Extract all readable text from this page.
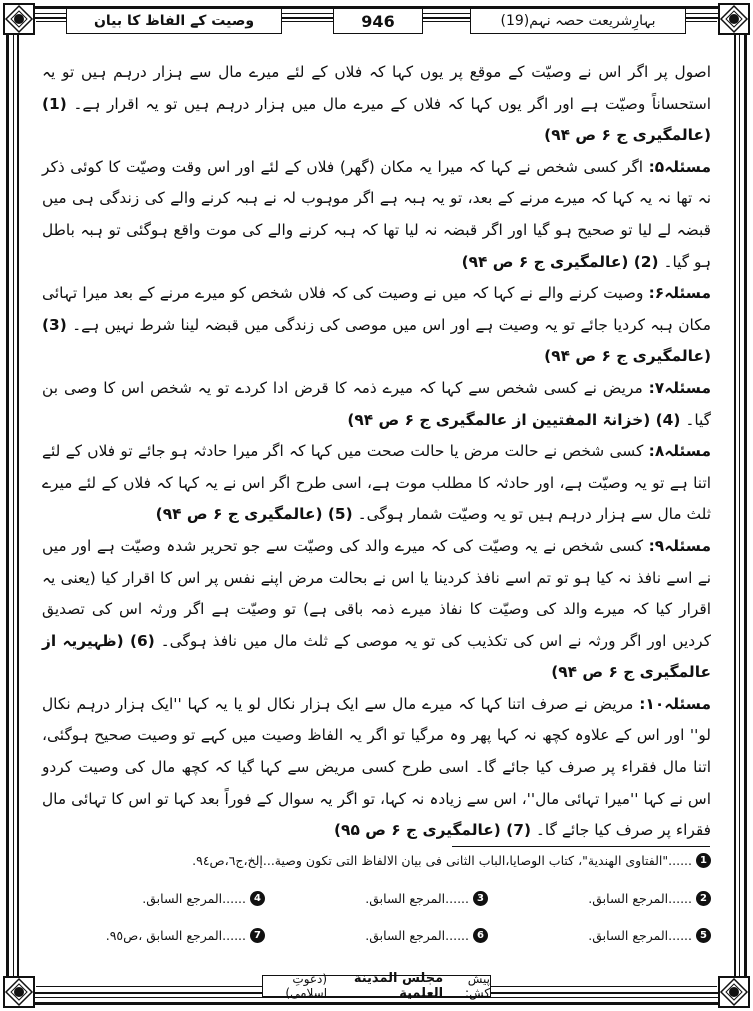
بہارِشریعت حصہ نہم(19)
946
وصیت کے الفاظ کا بیان

اصول پر اگر اس نے وصیّت کے موقع پر یوں کہا کہ فلاں کے لئے میرے مال سے ہزار درہم ہیں تو یہ استحساناً وصیّت ہے اور اگر یوں کہا کہ فلاں کے میرے مال میں ہزار درہم ہیں تو یہ اقرار ہے۔ (1) (عالمگیری ج ۶ ص ۹۴)

مسئلہ۵: اگر کسی شخص نے کہا کہ میرا یہ مکان (گھر) فلاں کے لئے اور اس وقت وصیّت کا کوئی ذکر نہ تھا نہ یہ کہا کہ میرے مرنے کے بعد، تو یہ ہبہ ہے اگر موہوب لہ نے ہبہ کرنے والے کی زندگی ہی میں قبضہ لے لیا تو صحیح ہو گیا اور اگر قبضہ نہ لیا تھا کہ ہبہ کرنے والے کی موت واقع ہوگئی تو ہبہ باطل ہو گیا۔ (2) (عالمگیری ج ۶ ص ۹۴)

مسئلہ۶: وصیت کرنے والے نے کہا کہ میں نے وصیت کی کہ فلاں شخص کو میرے مرنے کے بعد میرا تہائی مکان ہبہ کردیا جائے تو یہ وصیت ہے اور اس میں موصی کی زندگی میں قبضہ لینا شرط نہیں ہے۔ (3) (عالمگیری ج ۶ ص ۹۴)

مسئلہ۷: مریض نے کسی شخص سے کہا کہ میرے ذمہ کا قرض ادا کردے تو یہ شخص اس کا وصی بن گیا۔ (4) (خزانۃ المفتیین از عالمگیری ج ۶ ص ۹۴)

مسئلہ۸: کسی شخص نے حالت مرض یا حالت صحت میں کہا کہ اگر میرا حادثہ ہو جائے تو فلاں کے لئے اتنا ہے تو یہ وصیّت ہے، اور حادثہ کا مطلب موت ہے، اسی طرح اگر اس نے یہ کہا کہ فلاں کے لئے میرے ثلث مال سے ہزار درہم ہیں تو یہ وصیّت شمار ہوگی۔ (5) (عالمگیری ج ۶ ص ۹۴)

مسئلہ۹: کسی شخص نے یہ وصیّت کی کہ میرے والد کی وصیّت سے جو تحریر شدہ وصیّت ہے اور میں نے اسے نافذ نہ کیا ہو تو تم اسے نافذ کردینا یا اس نے بحالت مرض اپنے نفس پر اس کا اقرار کیا (یعنی یہ اقرار کیا کہ میرے والد کی وصیّت کا نفاذ میرے ذمہ باقی ہے) تو وصیّت ہے اگر ورثہ اس کی تصدیق کردیں اور اگر ورثہ نے اس کی تکذیب کی تو یہ موصی کے ثلث مال میں نافذ ہوگی۔ (6) (ظہیریہ از عالمگیری ج ۶ ص ۹۴)

مسئلہ۱۰: مریض نے صرف اتنا کہا کہ میرے مال سے ایک ہزار نکال لو یا یہ کہا ''ایک ہزار درہم نکال لو'' اور اس کے علاوہ کچھ نہ کہا پھر وہ مرگیا تو اگر یہ الفاظ وصیت میں کہے تو وصیت صحیح ہوگئی، اتنا مال فقراء پر صرف کیا جائے گا۔ اسی طرح کسی مریض سے کہا گیا کہ کچھ مال کی وصیت کردو اس نے کہا ''میرا تہائی مال''، اس سے زیادہ نہ کہا، تو اگر یہ سوال کے فوراً بعد کہا تو اس کا تہائی مال فقراء پر صرف کیا جائے گا۔ (7) (عالمگیری ج ۶ ص ۹۵)

1
......"الفتاوى الهندية"، كتاب الوصايا،الباب الثانی فی بيان الالفاظ التی تكون وصية...إلخ،ج٦،ص٩٤.
2
......المرجع السابق.
3
......المرجع السابق.
4
......المرجع السابق.
5
......المرجع السابق.
6
......المرجع السابق.
7
......المرجع السابق ،ص٩٥.
پیش کش:
مجلس المدينة العلمية
(دعوتِ اسلامی)
